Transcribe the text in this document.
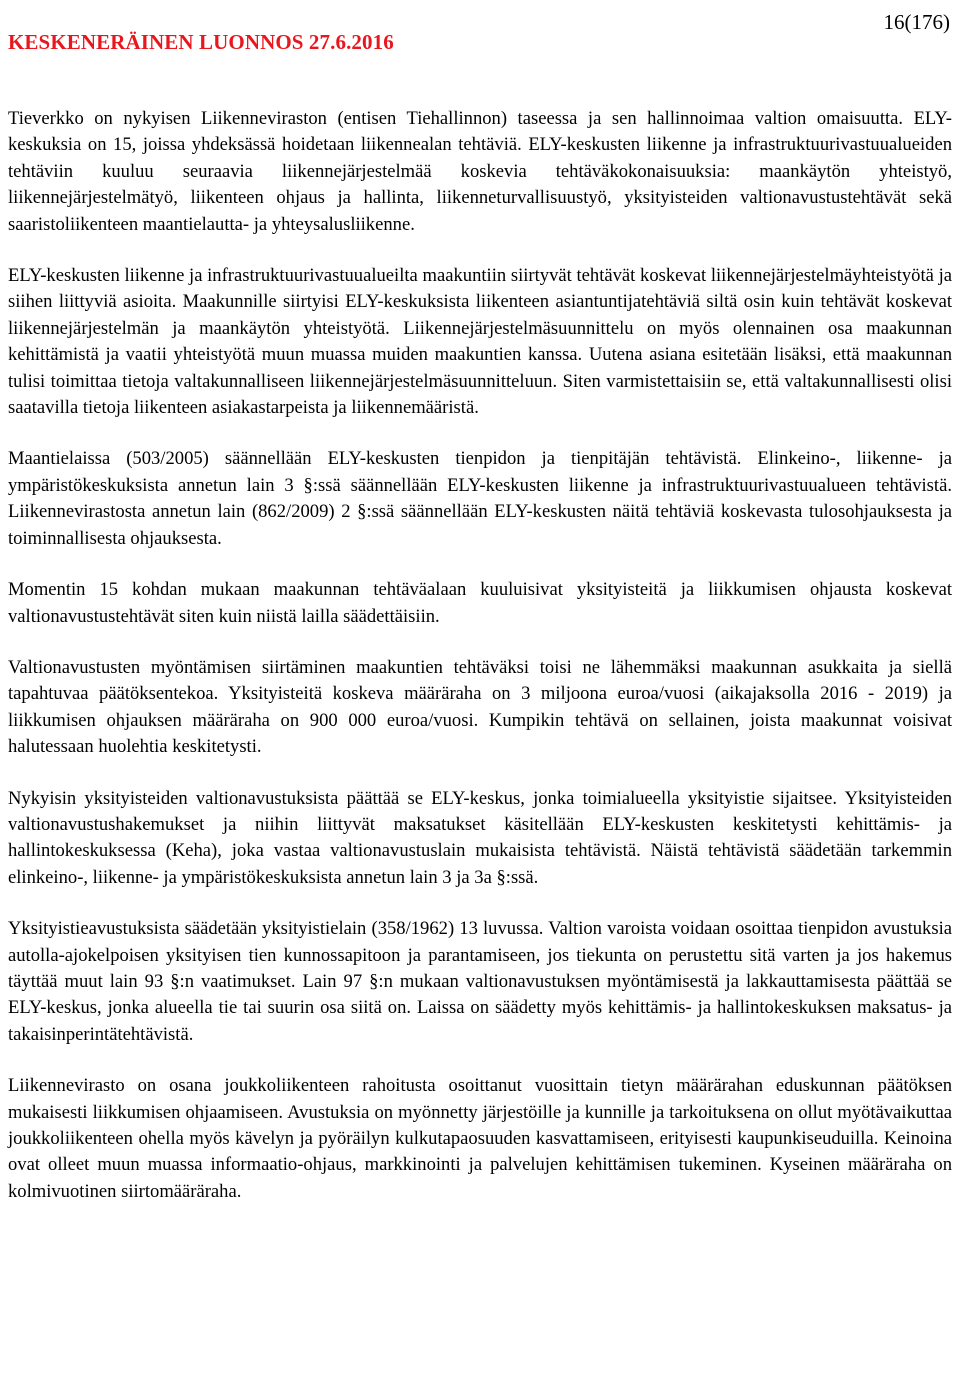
KESKENERÄINEN LUONNOS 27.6.2016
16(176)

Tieverkko on nykyisen Liikenneviraston (entisen Tiehallinnon) taseessa ja sen hallinnoimaa valtion omaisuutta. ELY-keskuksia on 15, joissa yhdeksässä hoidetaan liikennealan tehtäviä. ELY-keskusten liikenne ja infrastruktuurivastuualueiden tehtäviin kuuluu seuraavia liikennejärjestelmää koskevia tehtäväkokonaisuuksia: maankäytön yhteistyö, liikennejärjestelmätyö, liikenteen ohjaus ja hallinta, liikenneturvallisuustyö, yksityisteiden valtionavustustehtävät sekä saaristoliikenteen maantielautta- ja yhteysalusliikenne.

ELY-keskusten liikenne ja infrastruktuurivastuualueilta maakuntiin siirtyvät tehtävät koskevat liikennejärjestelmäyhteistyötä ja siihen liittyviä asioita. Maakunnille siirtyisi ELY-keskuksista liikenteen asiantuntijatehtäviä siltä osin kuin tehtävät koskevat liikennejärjestelmän ja maankäytön yhteistyötä. Liikennejärjestelmäsuunnittelu on myös olennainen osa maakunnan kehittämistä ja vaatii yhteistyötä muun muassa muiden maakuntien kanssa. Uutena asiana esitetään lisäksi, että maakunnan tulisi toimittaa tietoja valtakunnalliseen liikennejärjestelmäsuunnitteluun. Siten varmistettaisiin se, että valtakunnallisesti olisi saatavilla tietoja liikenteen asiakastarpeista ja liikennemääristä.

Maantielaissa (503/2005) säännellään ELY-keskusten tienpidon ja tienpitäjän tehtävistä. Elinkeino-, liikenne- ja ympäristökeskuksista annetun lain 3 §:ssä säännellään ELY-keskusten liikenne ja infrastruktuurivastuualueen tehtävistä. Liikennevirastosta annetun lain (862/2009) 2 §:ssä säännellään ELY-keskusten näitä tehtäviä koskevasta tulosohjauksesta ja toiminnallisesta ohjauksesta.

Momentin 15 kohdan mukaan maakunnan tehtäväalaan kuuluisivat yksityisteitä ja liikkumisen ohjausta koskevat valtionavustustehtävät siten kuin niistä lailla säädettäisiin.

Valtionavustusten myöntämisen siirtäminen maakuntien tehtäväksi toisi ne lähemmäksi maakunnan asukkaita ja siellä tapahtuvaa päätöksentekoa. Yksityisteitä koskeva määräraha on 3 miljoona euroa/vuosi (aikajaksolla 2016 - 2019) ja liikkumisen ohjauksen määräraha on 900 000 euroa/vuosi. Kumpikin tehtävä on sellainen, joista maakunnat voisivat halutessaan huolehtia keskitetysti.

Nykyisin yksityisteiden valtionavustuksista päättää se ELY-keskus, jonka toimialueella yksityistie sijaitsee. Yksityisteiden valtionavustushakemukset ja niihin liittyvät maksatukset käsitellään ELY-keskusten keskitetysti kehittämis- ja hallintokeskuksessa (Keha), joka vastaa valtionavustuslain mukaisista tehtävistä. Näistä tehtävistä säädetään tarkemmin elinkeino-, liikenne- ja ympäristökeskuksista annetun lain 3 ja 3a §:ssä.

Yksityistieavustuksista säädetään yksityistielain (358/1962) 13 luvussa. Valtion varoista voidaan osoittaa tienpidon avustuksia autolla-ajokelpoisen yksityisen tien kunnossapitoon ja parantamiseen, jos tiekunta on perustettu sitä varten ja jos hakemus täyttää muut lain 93 §:n vaatimukset. Lain 97 §:n mukaan valtionavustuksen myöntämisestä ja lakkauttamisesta päättää se ELY-keskus, jonka alueella tie tai suurin osa siitä on. Laissa on säädetty myös kehittämis- ja hallintokeskuksen maksatus- ja takaisinperintätehtävistä.

Liikennevirasto on osana joukkoliikenteen rahoitusta osoittanut vuosittain tietyn määrärahan eduskunnan päätöksen mukaisesti liikkumisen ohjaamiseen. Avustuksia on myönnetty järjestöille ja kunnille ja tarkoituksena on ollut myötävaikuttaa joukkoliikenteen ohella myös kävelyn ja pyöräilyn kulkutapaosuuden kasvattamiseen, erityisesti kaupunkiseuduilla. Keinoina ovat olleet muun muassa informaatio-ohjaus, markkinointi ja palvelujen kehittämisen tukeminen. Kyseinen määräraha on kolmivuotinen siirtomääräraha.
